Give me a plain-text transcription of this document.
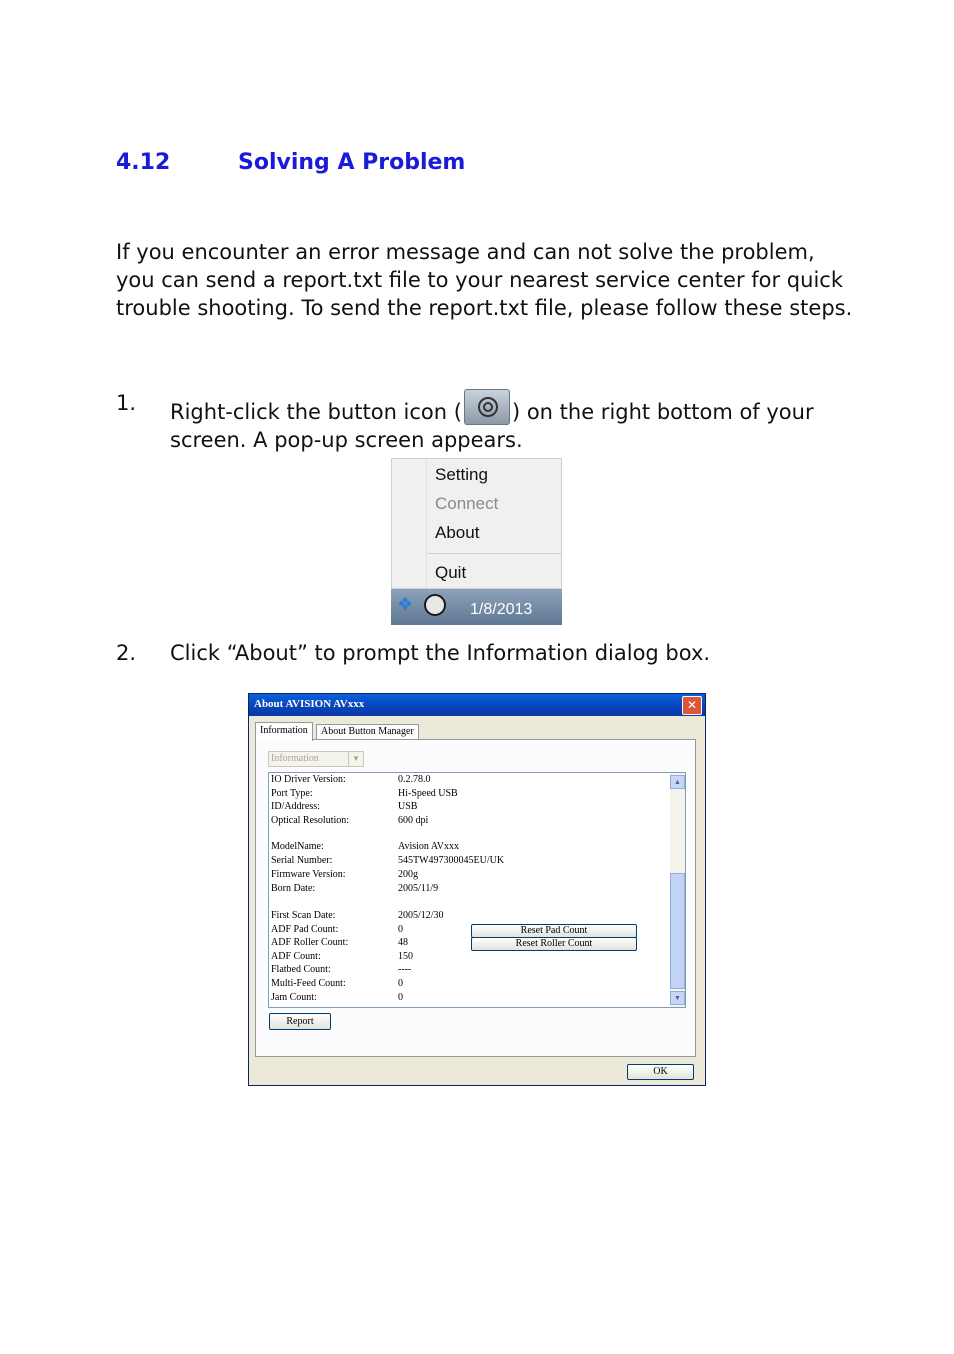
4.12	Solving A Problem

If you encounter an error message and can not solve the problem, you can send a report.txt file to your nearest service center for quick trouble shooting. To send the report.txt file, please follow these steps.

1. Right-click the button icon ( ) on the right bottom of your screen. A pop-up screen appears.
Setting
Connect
About
Quit
❖	1/8/2013
2. Click “About” to prompt the Information dialog box.
About AVISION AVxxx	✕
Information	About Button Manager
Information	▼
IO Driver Version:	0.2.78.0
Port Type:	Hi-Speed USB
ID/Address:	USB
Optical Resolution:	600 dpi
ModelName:	Avision AVxxx
Serial Number:	545TW497300045EU/UK
Firmware Version:	200g
Born Date:	2005/11/9
First Scan Date:	2005/12/30
ADF Pad Count:	0
ADF Roller Count:	48
ADF Count:	150
Flatbed Count:	----
Multi-Feed Count:	0
Jam Count:	0
Reset Pad Count
Reset Roller Count
▲
▼
Report
OK
